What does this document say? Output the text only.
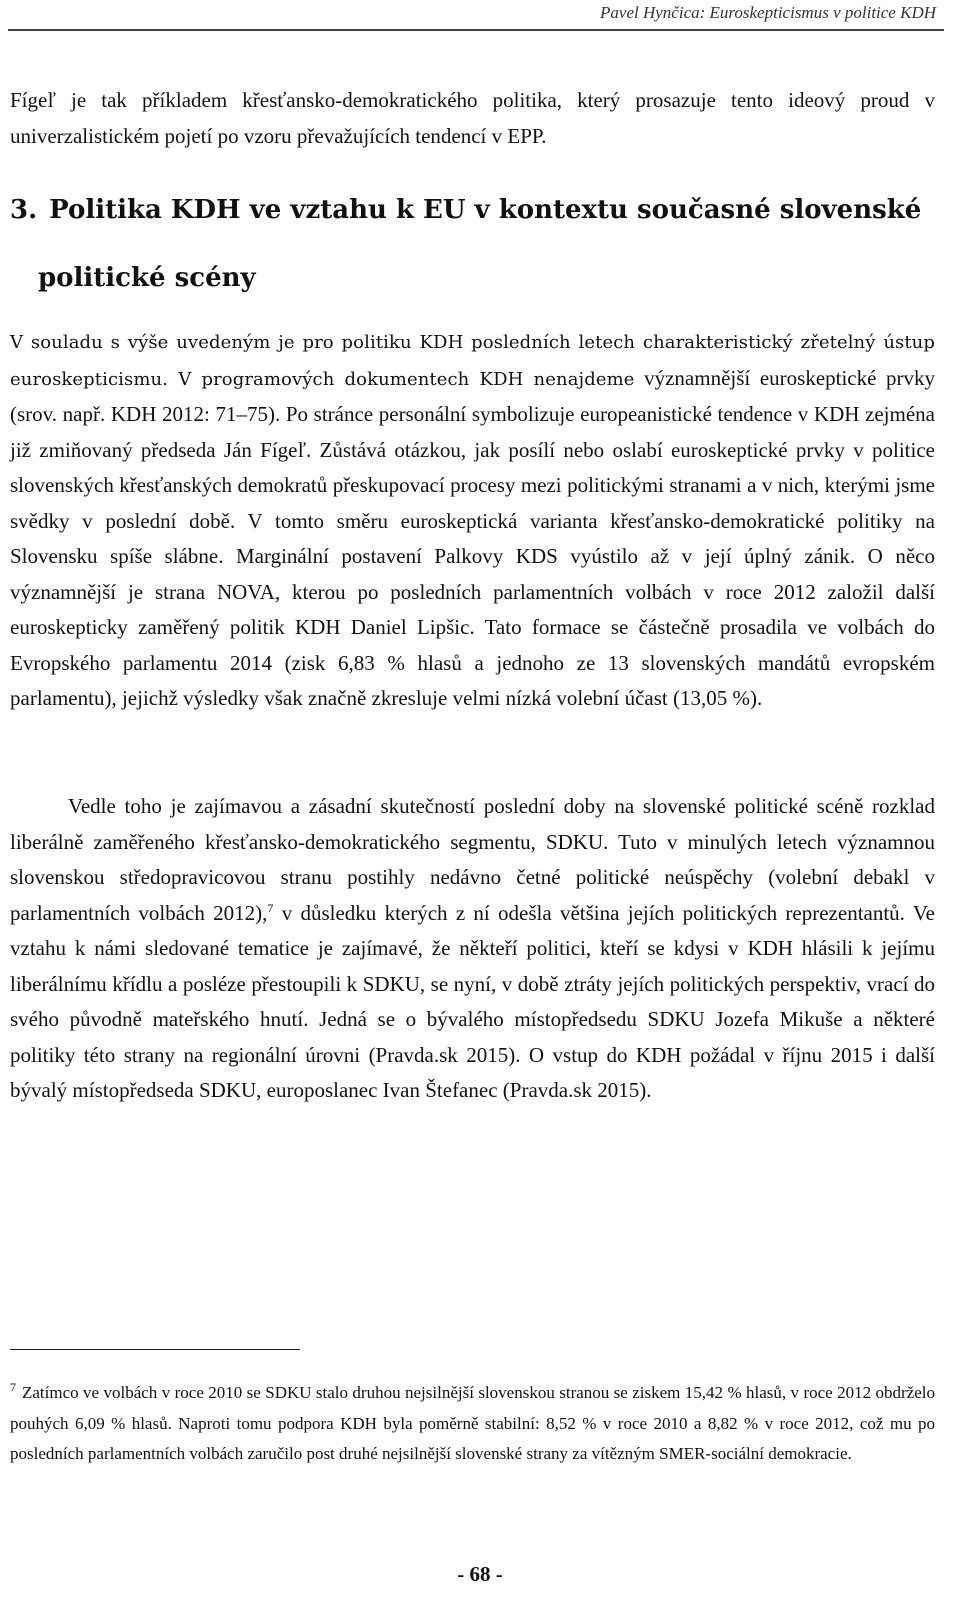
Pavel Hynčica: Euroskepticismus v politice KDH

Fígeľ je tak příkladem křesťansko-demokratického politika, který prosazuje tento ideový proud v univerzalistickém pojetí po vzoru převažujících tendencí v EPP.

3. Politika KDH ve vztahu k EU v kontextu současné slovenské
politické scény

V souladu s výše uvedeným je pro politiku KDH posledních letech charakteristický zřetelný ústup euroskepticismu. V programových dokumentech KDH nenajdeme významnější euroskeptické prvky (srov. např. KDH 2012: 71–75). Po stránce personální symbolizuje europeanistické tendence v KDH zejména již zmiňovaný předseda Ján Fígeľ. Zůstává otázkou, jak posílí nebo oslabí euroskeptické prvky v politice slovenských křesťanských demokratů přeskupovací procesy mezi politickými stranami a v nich, kterými jsme svědky v poslední době. V tomto směru euroskeptická varianta křesťansko-demokratické politiky na Slovensku spíše slábne. Marginální postavení Palkovy KDS vyústilo až v její úplný zánik. O něco významnější je strana NOVA, kterou po posledních parlamentních volbách v roce 2012 založil další euroskepticky zaměřený politik KDH Daniel Lipšic. Tato formace se částečně prosadila ve volbách do Evropského parlamentu 2014 (zisk 6,83 % hlasů a jednoho ze 13 slovenských mandátů evropském parlamentu), jejichž výsledky však značně zkresluje velmi nízká volební účast (13,05 %).

Vedle toho je zajímavou a zásadní skutečností poslední doby na slovenské politické scéně rozklad liberálně zaměřeného křesťansko-demokratického segmentu, SDKU. Tuto v minulých letech významnou slovenskou středopravicovou stranu postihly nedávno četné politické neúspěchy (volební debakl v parlamentních volbách 2012),$^7$ v důsledku kterých z ní odešla většina jejích politických reprezentantů. Ve vztahu k námi sledované tematice je zajímavé, že někteří politici, kteří se kdysi v KDH hlásili k jejímu liberálnímu křídlu a posléze přestoupili k SDKU, se nyní, v době ztráty jejích politických perspektiv, vrací do svého původně mateřského hnutí. Jedná se o bývalého místopředsedu SDKU Jozefa Mikuše a některé politiky této strany na regionální úrovni (Pravda.sk 2015). O vstup do KDH požádal v říjnu 2015 i další bývalý místopředseda SDKU, europoslanec Ivan Štefanec (Pravda.sk 2015).

$^7$ Zatímco ve volbách v roce 2010 se SDKU stalo druhou nejsilnější slovenskou stranou se ziskem 15,42 % hlasů, v roce 2012 obdrželo pouhých 6,09 % hlasů. Naproti tomu podpora KDH byla poměrně stabilní: 8,52 % v roce 2010 a 8,82 % v roce 2012, což mu po posledních parlamentních volbách zaručilo post druhé nejsilnější slovenské strany za vítězným SMER-sociální demokracie.

- 68 -
